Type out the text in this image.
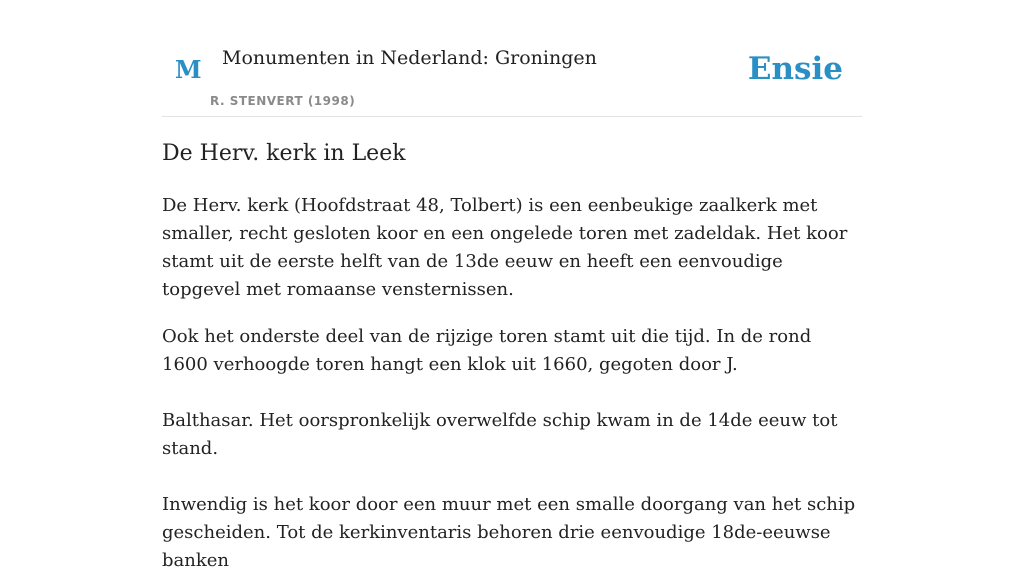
M Monumenten in Nederland: Groningen
R. STENVERT (1998)
Ensie
De Herv. kerk in Leek

De Herv. kerk (Hoofdstraat 48, Tolbert) is een eenbeukige zaalkerk met smaller, recht gesloten koor en een ongelede toren met zadeldak. Het koor stamt uit de eerste helft van de 13de eeuw en heeft een eenvoudige topgevel met romaanse vensternissen.

Ook het onderste deel van de rijzige toren stamt uit die tijd. In de rond 1600 verhoogde toren hangt een klok uit 1660, gegoten door J.

Balthasar. Het oorspronkelijk overwelfde schip kwam in de 14de eeuw tot stand.

Inwendig is het koor door een muur met een smalle doorgang van het schip gescheiden. Tot de kerkinventaris behoren drie eenvoudige 18de-eeuwse banken
